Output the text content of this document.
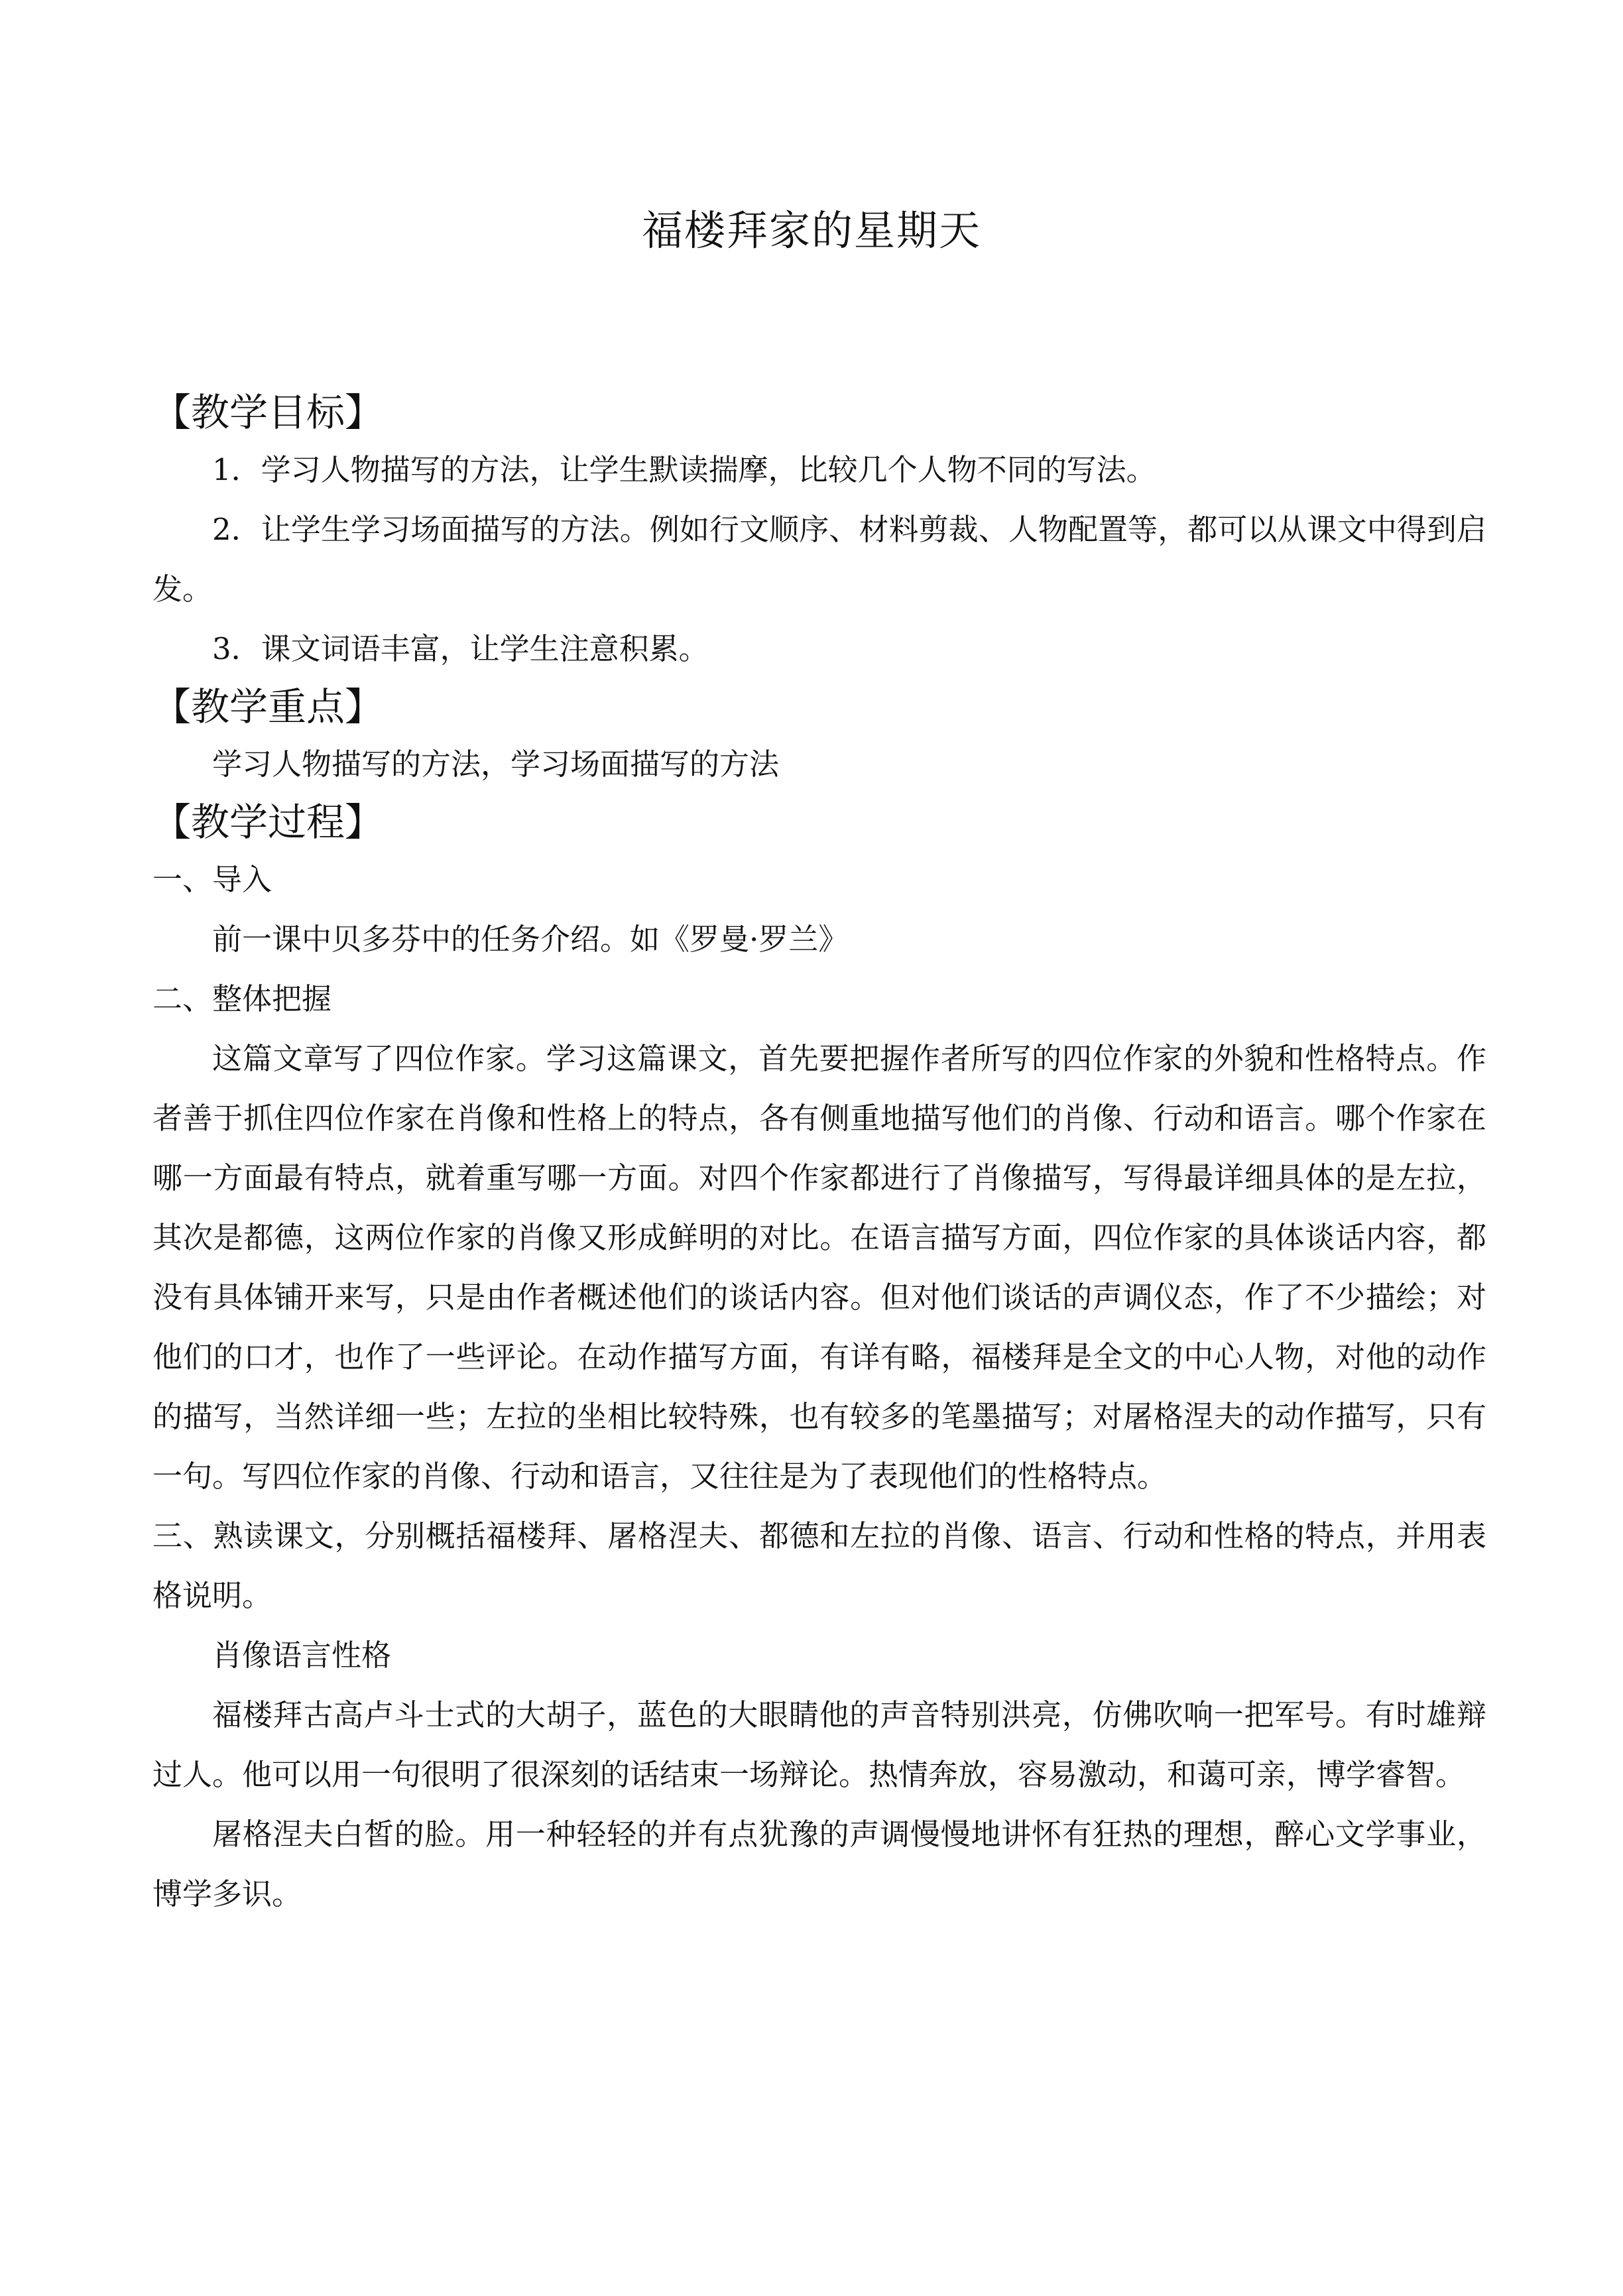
福楼拜家的星期天
【教学目标】

1．学习人物描写的方法，让学生默读揣摩，比较几个人物不同的写法。

2．让学生学习场面描写的方法。例如行文顺序、材料剪裁、人物配置等，都可以从课文中得到启发。

3．课文词语丰富，让学生注意积累。

【教学重点】

学习人物描写的方法，学习场面描写的方法

【教学过程】

一、导入

前一课中贝多芬中的任务介绍。如《罗曼·罗兰》

二、整体把握

这篇文章写了四位作家。学习这篇课文，首先要把握作者所写的四位作家的外貌和性格特点。作者善于抓住四位作家在肖像和性格上的特点，各有侧重地描写他们的肖像、行动和语言。哪个作家在哪一方面最有特点，就着重写哪一方面。对四个作家都进行了肖像描写，写得最详细具体的是左拉，其次是都德，这两位作家的肖像又形成鲜明的对比。在语言描写方面，四位作家的具体谈话内容，都没有具体铺开来写，只是由作者概述他们的谈话内容。但对他们谈话的声调仪态，作了不少描绘；对他们的口才，也作了一些评论。在动作描写方面，有详有略，福楼拜是全文的中心人物，对他的动作的描写，当然详细一些；左拉的坐相比较特殊，也有较多的笔墨描写；对屠格涅夫的动作描写，只有一句。写四位作家的肖像、行动和语言，又往往是为了表现他们的性格特点。

三、熟读课文，分别概括福楼拜、屠格涅夫、都德和左拉的肖像、语言、行动和性格的特点，并用表格说明。

肖像语言性格

福楼拜古高卢斗士式的大胡子，蓝色的大眼睛他的声音特别洪亮，仿佛吹响一把军号。有时雄辩过人。他可以用一句很明了很深刻的话结束一场辩论。热情奔放，容易激动，和蔼可亲，博学睿智。

屠格涅夫白皙的脸。用一种轻轻的并有点犹豫的声调慢慢地讲怀有狂热的理想，醉心文学事业，博学多识。
